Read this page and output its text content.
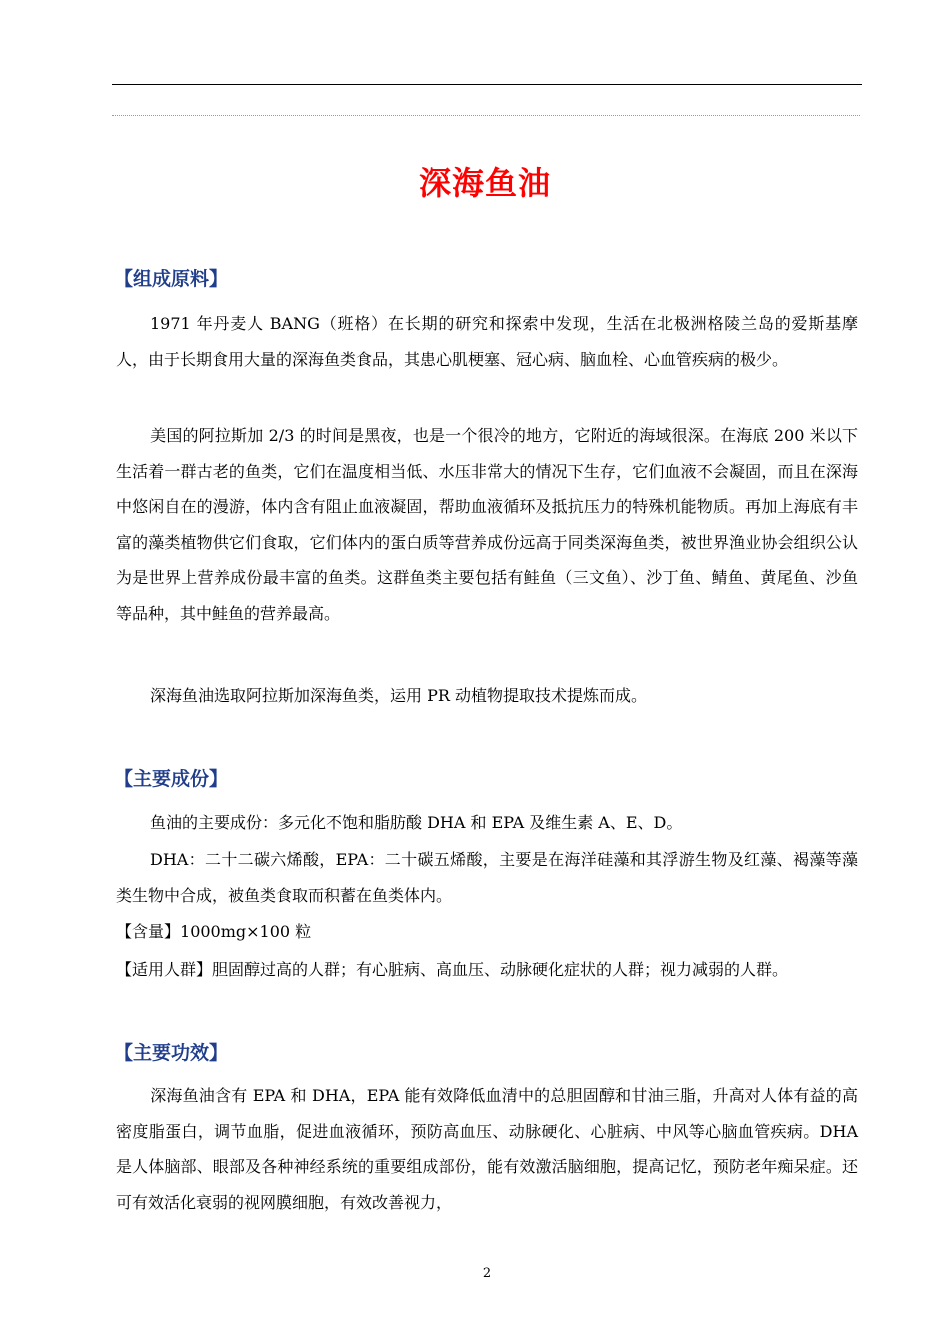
深海鱼油
【组成原料】
1971 年丹麦人 BANG（班格）在长期的研究和探索中发现，生活在北极洲格陵兰岛的爱斯基摩人，由于长期食用大量的深海鱼类食品，其患心肌梗塞、冠心病、脑血栓、心血管疾病的极少。
美国的阿拉斯加 2/3 的时间是黑夜，也是一个很冷的地方，它附近的海域很深。在海底 200 米以下生活着一群古老的鱼类，它们在温度相当低、水压非常大的情况下生存，它们血液不会凝固，而且在深海中悠闲自在的漫游，体内含有阻止血液凝固，帮助血液循环及抵抗压力的特殊机能物质。再加上海底有丰富的藻类植物供它们食取，它们体内的蛋白质等营养成份远高于同类深海鱼类，被世界渔业协会组织公认为是世界上营养成份最丰富的鱼类。这群鱼类主要包括有鲑鱼（三文鱼）、沙丁鱼、鲭鱼、黄尾鱼、沙鱼等品种，其中鲑鱼的营养最高。
深海鱼油选取阿拉斯加深海鱼类，运用 PR 动植物提取技术提炼而成。
【主要成份】
鱼油的主要成份：多元化不饱和脂肪酸 DHA 和 EPA 及维生素 A、E、D。
DHA：二十二碳六烯酸，EPA：二十碳五烯酸，主要是在海洋硅藻和其浮游生物及红藻、褐藻等藻类生物中合成，被鱼类食取而积蓄在鱼类体内。
【含量】1000mg×100 粒
【适用人群】胆固醇过高的人群；有心脏病、高血压、动脉硬化症状的人群；视力减弱的人群。
【主要功效】
深海鱼油含有 EPA 和 DHA，EPA 能有效降低血清中的总胆固醇和甘油三脂，升高对人体有益的高密度脂蛋白，调节血脂，促进血液循环，预防高血压、动脉硬化、心脏病、中风等心脑血管疾病。DHA 是人体脑部、眼部及各种神经系统的重要组成部份，能有效激活脑细胞，提高记忆，预防老年痴呆症。还可有效活化衰弱的视网膜细胞，有效改善视力，
2
